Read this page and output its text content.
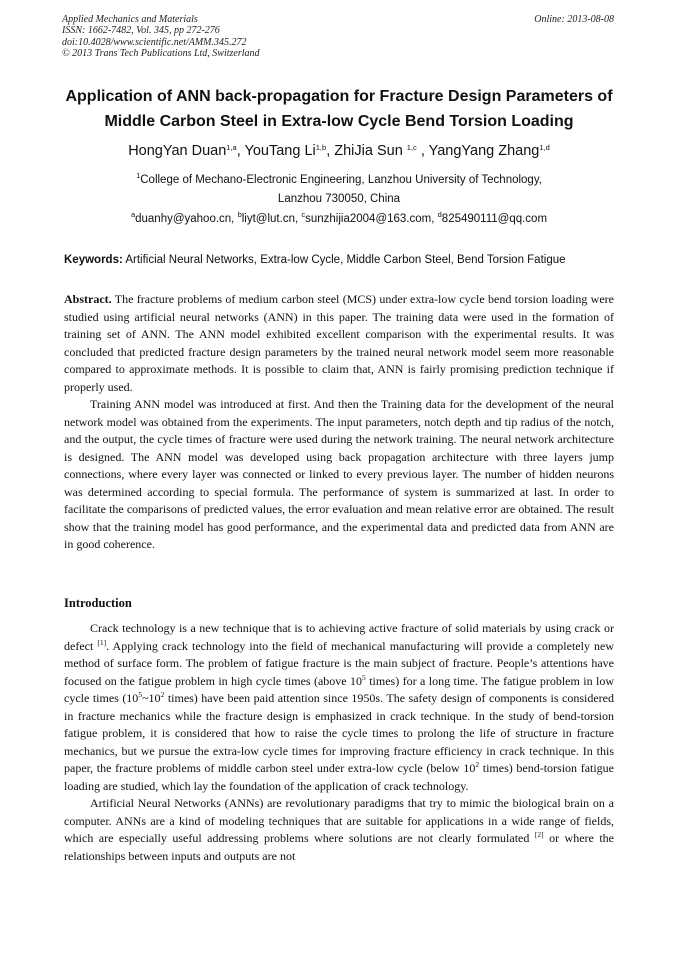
Applied Mechanics and Materials
ISSN: 1662-7482, Vol. 345, pp 272-276
doi:10.4028/www.scientific.net/AMM.345.272
© 2013 Trans Tech Publications Ltd, Switzerland
Online: 2013-08-08
Application of ANN back-propagation for Fracture Design Parameters of
Middle Carbon Steel in Extra-low Cycle Bend Torsion Loading
HongYan Duan$^{1,a}$, YouTang Li$^{1,b}$, ZhiJia Sun $^{1,c}$ , YangYang Zhang$^{1,d}$
$^1$College of Mechano-Electronic Engineering, Lanzhou University of Technology,
Lanzhou 730050, China
$^a$duanhy@yahoo.cn, $^b$liyt@lut.cn, $^c$sunzhijia2004@163.com, $^d$825490111@qq.com
Keywords: Artificial Neural Networks, Extra-low Cycle, Middle Carbon Steel, Bend Torsion Fatigue

Abstract. The fracture problems of medium carbon steel (MCS) under extra-low cycle bend torsion loading were studied using artificial neural networks (ANN) in this paper. The training data were used in the formation of training set of ANN. The ANN model exhibited excellent comparison with the experimental results. It was concluded that predicted fracture design parameters by the trained neural network model seem more reasonable compared to approximate methods. It is possible to claim that, ANN is fairly promising prediction technique if properly used.

Training ANN model was introduced at first. And then the Training data for the development of the neural network model was obtained from the experiments. The input parameters, notch depth and tip radius of the notch, and the output, the cycle times of fracture were used during the network training. The neural network architecture is designed. The ANN model was developed using back propagation architecture with three layers jump connections, where every layer was connected or linked to every previous layer. The number of hidden neurons was determined according to special formula. The performance of system is summarized at last. In order to facilitate the comparisons of predicted values, the error evaluation and mean relative error are obtained. The result show that the training model has good performance, and the experimental data and predicted data from ANN are in good coherence.

Introduction

Crack technology is a new technique that is to achieving active fracture of solid materials by using crack or defect [1]. Applying crack technology into the field of mechanical manufacturing will provide a completely new method of surface form. The problem of fatigue fracture is the main subject of fracture. People’s attentions have focused on the fatigue problem in high cycle times (above $10^5$ times) for a long time. The fatigue problem in low cycle times ($10^5\sim 10^2$ times) have been paid attention since 1950s. The safety design of components is considered in fracture mechanics while the fracture design is emphasized in crack technique. In the study of bend-torsion fatigue problem, it is considered that how to raise the cycle times to prolong the life of structure in fracture mechanics, but we pursue the extra-low cycle times for improving fracture efficiency in crack technique. In this paper, the fracture problems of middle carbon steel under extra-low cycle (below $10^2$ times) bend-torsion fatigue loading are studied, which lay the foundation of the application of crack technology.

Artificial Neural Networks (ANNs) are revolutionary paradigms that try to mimic the biological brain on a computer. ANNs are a kind of modeling techniques that are suitable for applications in a wide range of fields, which are especially useful addressing problems where solutions are not clearly formulated [2] or where the relationships between inputs and outputs are not
